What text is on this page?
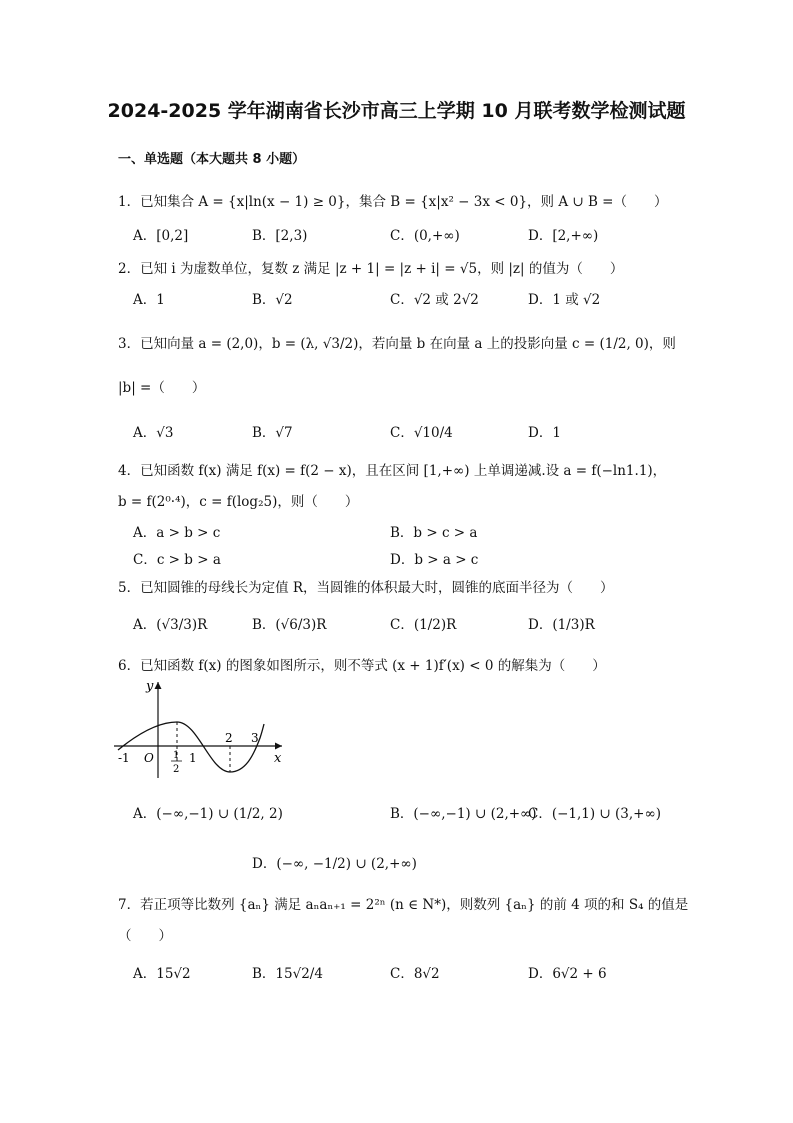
2024-2025 学年湖南省长沙市高三上学期 10 月联考数学检测试题
一、单选题（本大题共 8 小题）
1．已知集合 A = {x|ln(x − 1) ≥ 0}，集合 B = {x|x² − 3x < 0}，则 A ∪ B =（　　）
A．[0,2]	B．[2,3)	C．(0,+∞)	D．[2,+∞)
2．已知 i 为虚数单位，复数 z 满足 |z + 1| = |z + i| = √5，则 |z| 的值为（　　）
A．1	B．√2	C．√2 或 2√2	D．1 或 √2
3．已知向量 a = (2,0)，b = (λ, √3/2)，若向量 b 在向量 a 上的投影向量 c = (1/2, 0)，则
|b| =（　　）
A．√3	B．√7	C．√10/4	D．1
4．已知函数 f(x) 满足 f(x) = f(2 − x)，且在区间 [1,+∞) 上单调递减.设 a = f(−ln1.1)，
b = f(2⁰·⁴)，c = f(log₂5)，则（　　）
A．a > b > c	B．b > c > a
C．c > b > a	D．b > a > c
5．已知圆锥的母线长为定值 R，当圆锥的体积最大时，圆锥的底面半径为（　　）
A．(√3/3)R	B．(√6/3)R	C．(1/2)R	D．(1/3)R
6．已知函数 f(x) 的图象如图所示，则不等式 (x + 1)f′(x) < 0 的解集为（　　）
y
x
O
-1	1
2
1
2 3
A．(−∞,−1) ∪ (1/2, 2)	B．(−∞,−1) ∪ (2,+∞)
C．(−1,1) ∪ (3,+∞)
D．(−∞, −1/2) ∪ (2,+∞)
7．若正项等比数列 {aₙ} 满足 aₙaₙ₊₁ = 2²ⁿ (n ∈ N*)，则数列 {aₙ} 的前 4 项的和 S₄ 的值是
（　　）
A．15√2	B．15√2/4	C．8√2	D．6√2 + 6
